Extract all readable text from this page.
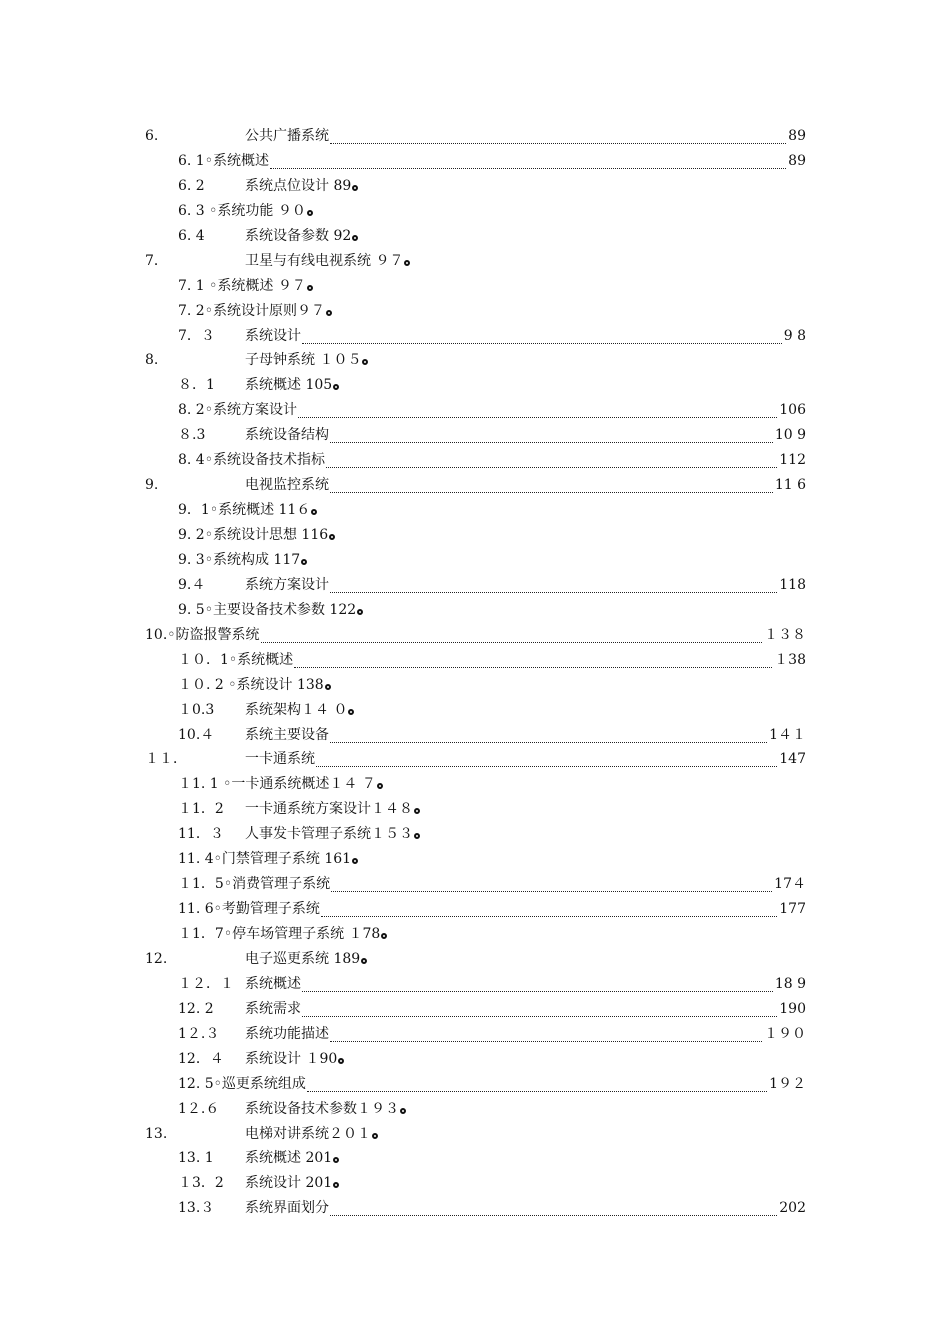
6.	公共广播系统	89
6. 1◦系统概述	89
6. 2	系统点位设计 89
6. 3 ◦系统功能 ９０
6. 4	系统设备参数 92
7．	卫星与有线电视系统 ９７
7. 1 ◦系统概述 ９７
7. 2◦系统设计原则９７
7．３ 系统设计	9 8
8.	子母钟系统 １０５
８．1 系统概述 105
8. 2◦系统方案设计	106
８.3	系统设备结构	10 9
8. 4◦系统设备技术指标	112
9.	电视监控系统	11 6
9．1◦系统概述 11６
9. 2◦系统设计思想 116
9. 3◦系统构成 117
9.４	系统方案设计	118
9. 5◦主要设备技术参数 122
10.◦防盗报警系统	１３８
１０．1◦系统概述	１38
１０. 2 ◦系统设计 138
１0.3 系统架构１４ ０
10.４ 系统主要设备	1４１
１１．	一卡通系统	147
１1. 1 ◦一卡通系统概述１４ ７
１1．2 一卡通系统方案设计１４８
11．３ 人事发卡管理子系统１５３
11. 4◦门禁管理子系统 161
１1．5◦消费管理子系统	17４
11. 6◦考勤管理子系统	177
１1．7◦停车场管理子系统 １78
12.	电子巡更系统 189
１２．１ 系统概述	18 9
12. 2 系统需求	190
1２.３ 系统功能描述	１９０
12．４ 系统设计 １90
12. 5◦巡更系统组成	1９２
1２.６ 系统设备技术参数１９３
13.	电梯对讲系统２０１
13. 1 系统概述 201
１3．2 系统设计 201
13.３ 系统界面划分	202
